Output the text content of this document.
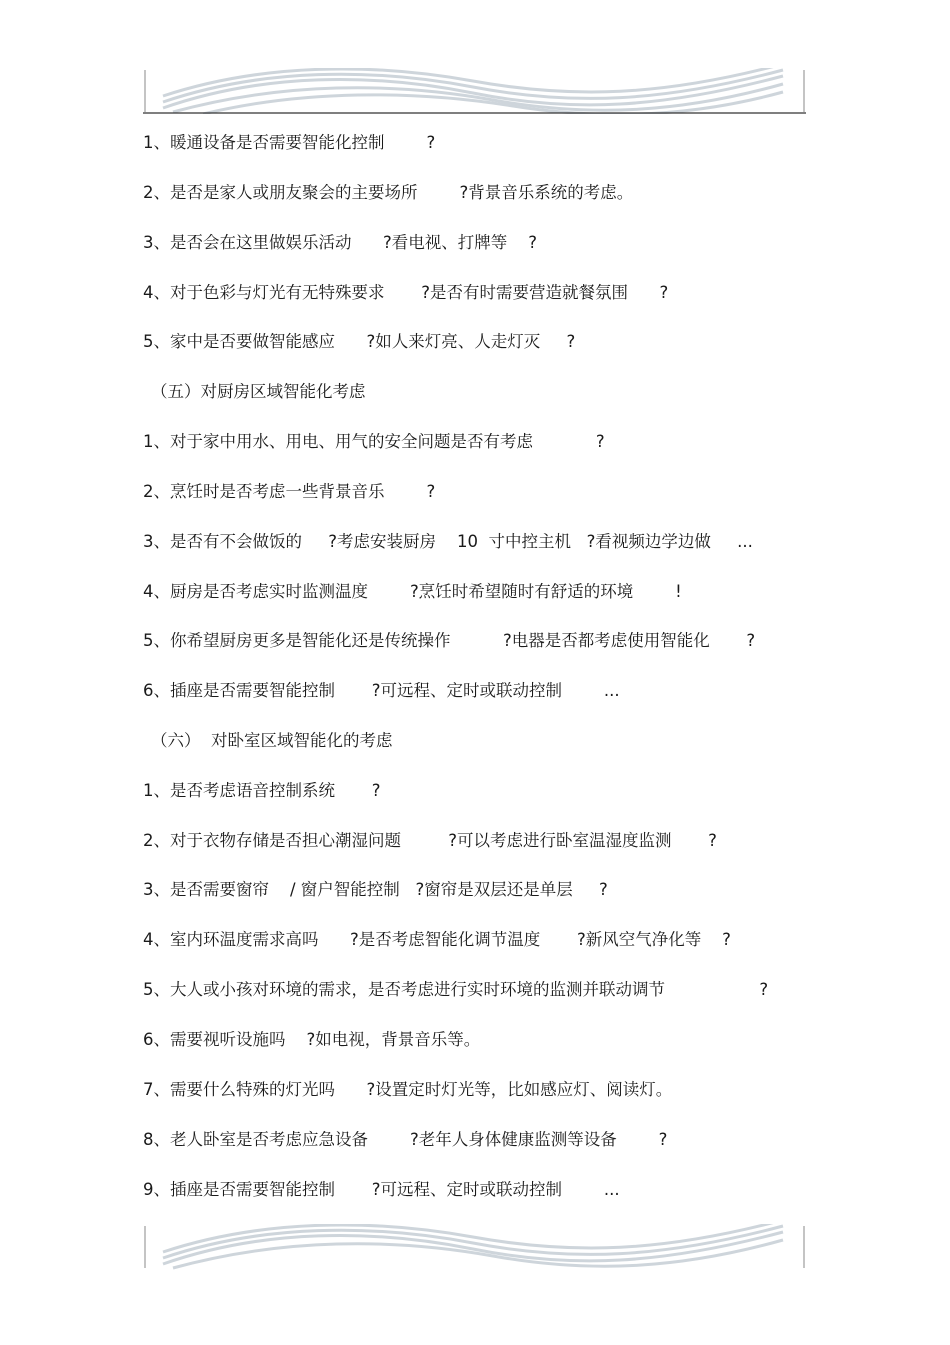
1、暖通设备是否需要智能化控制        ?
2、是否是家人或朋友聚会的主要场所        ?背景音乐系统的考虑。
3、是否会在这里做娱乐活动      ?看电视、打牌等    ?
4、对于色彩与灯光有无特殊要求       ?是否有时需要营造就餐氛围      ?
5、家中是否要做智能感应      ?如人来灯亮、人走灯灭     ?
（五）对厨房区域智能化考虑
1、对于家中用水、用电、用气的安全问题是否有考虑            ?
2、烹饪时是否考虑一些背景音乐        ?
3、是否有不会做饭的     ?考虑安装厨房    10  寸中控主机   ?看视频边学边做     ...
4、厨房是否考虑实时监测温度        ?烹饪时希望随时有舒适的环境        !
5、你希望厨房更多是智能化还是传统操作          ?电器是否都考虑使用智能化       ?
6、插座是否需要智能控制       ?可远程、定时或联动控制        ...
（六）  对卧室区域智能化的考虑
1、是否考虑语音控制系统       ?
2、对于衣物存储是否担心潮湿问题         ?可以考虑进行卧室温湿度监测       ?
3、是否需要窗帘    / 窗户智能控制   ?窗帘是双层还是单层     ?
4、室内环温度需求高吗      ?是否考虑智能化调节温度       ?新风空气净化等    ?
5、大人或小孩对环境的需求，是否考虑进行实时环境的监测并联动调节                  ?
6、需要视听设施吗    ?如电视，背景音乐等。
7、需要什么特殊的灯光吗      ?设置定时灯光等，比如感应灯、阅读灯。
8、老人卧室是否考虑应急设备        ?老年人身体健康监测等设备        ?
9、插座是否需要智能控制       ?可远程、定时或联动控制        ...
